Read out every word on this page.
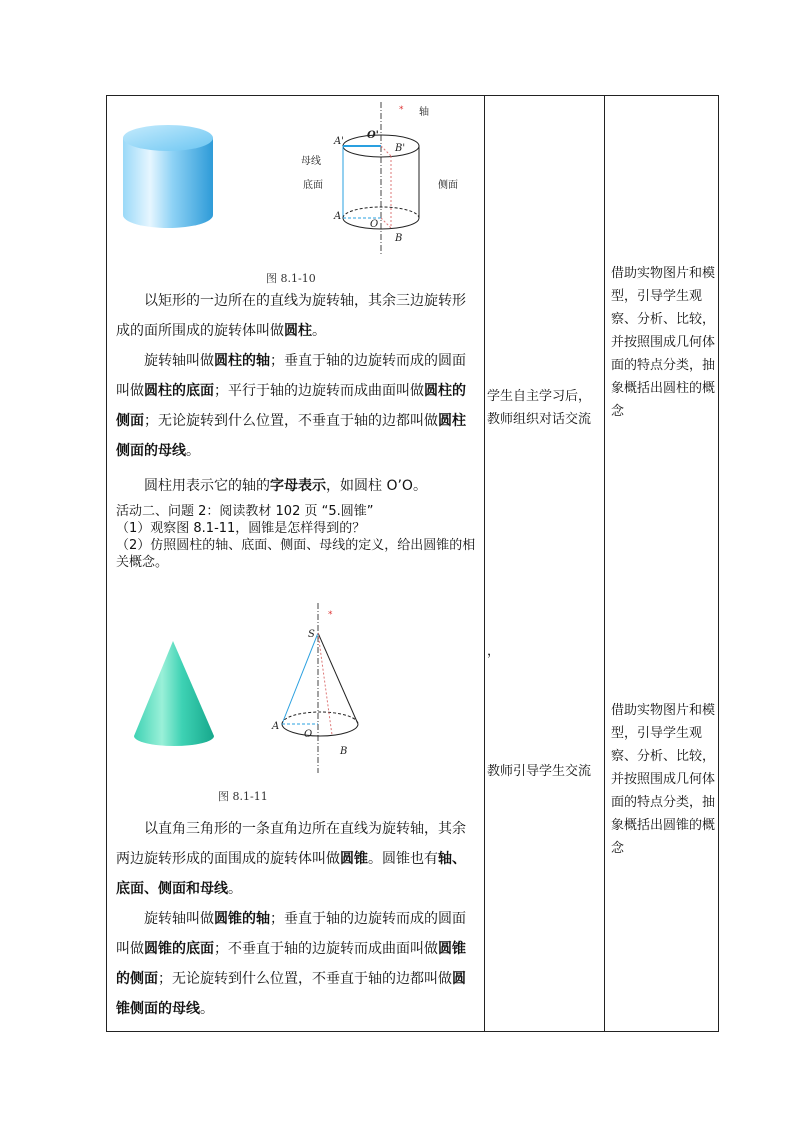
* 轴
A'
O'
B'
母线
底面	侧面
A
O
B
图 8.1-10

以矩形的一边所在的直线为旋转轴，其余三边旋转形成的面所围成的旋转体叫做圆柱。

旋转轴叫做圆柱的轴；垂直于轴的边旋转而成的圆面叫做圆柱的底面；平行于轴的边旋转而成曲面叫做圆柱的侧面；无论旋转到什么位置，不垂直于轴的边都叫做圆柱侧面的母线。

圆柱用表示它的轴的字母表示，如圆柱 O’O。

活动二、问题 2：阅读教材 102 页 “5.圆锥”

（1）观察图 8.1-11，圆锥是怎样得到的？

（2）仿照圆柱的轴、底面、侧面、母线的定义，给出圆锥的相关概念。

*
S
A
O
B
图 8.1-11

以直角三角形的一条直角边所在直线为旋转轴，其余两边旋转形成的面围成的旋转体叫做圆锥。圆锥也有轴、底面、侧面和母线。

旋转轴叫做圆锥的轴；垂直于轴的边旋转而成的圆面叫做圆锥的底面；不垂直于轴的边旋转而成曲面叫做圆锥的侧面；无论旋转到什么位置，不垂直于轴的边都叫做圆锥侧面的母线。

学生自主学习后，教师组织对话交流
，
教师引导学生交流
借助实物图片和模型，引导学生观察、分析、比较，并按照围成几何体面的特点分类，抽象概括出圆柱的概念
借助实物图片和模型，引导学生观察、分析、比较，并按照围成几何体面的特点分类，抽象概括出圆锥的概念
